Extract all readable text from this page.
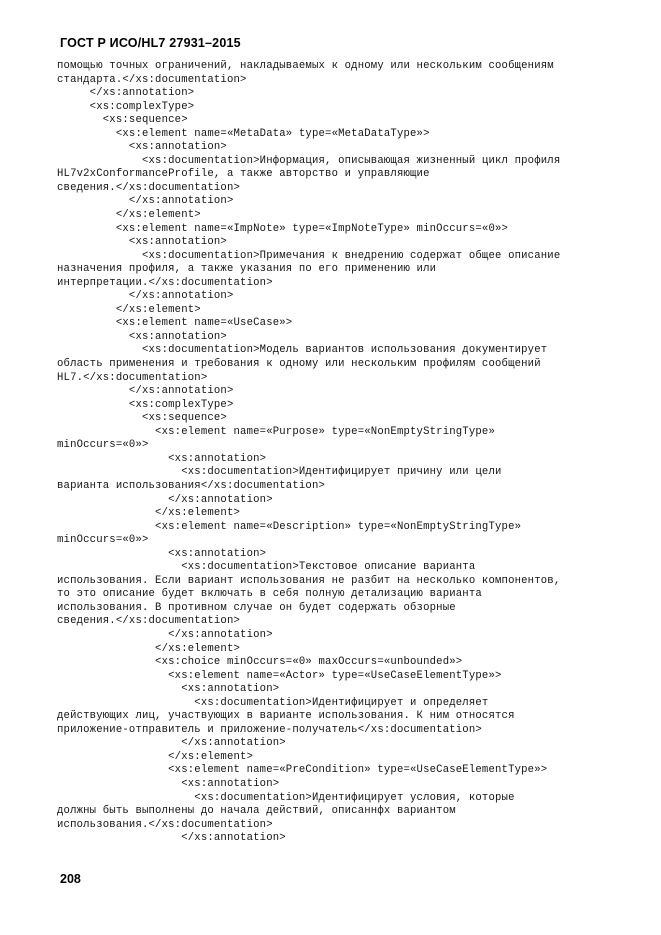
ГОСТ Р ИСО/HL7 27931–2015
помощью точных ограничений, накладываемых к одному или нескольким сообщениям
стандарта.</xs:documentation>
</xs:annotation>
<xs:complexType>
<xs:sequence>
<xs:element name=«MetaData» type=«MetaDataType»>
<xs:annotation>
<xs:documentation>Информация, описывающая жизненный цикл профиля
HL7v2xConformanceProfile, а также авторство и управляющие
сведения.</xs:documentation>
</xs:annotation>
</xs:element>
<xs:element name=«ImpNote» type=«ImpNoteType» minOccurs=«0»>
<xs:annotation>
<xs:documentation>Примечания к внедрению содержат общее описание
назначения профиля, а также указания по его применению или
интерпретации.</xs:documentation>
</xs:annotation>
</xs:element>
<xs:element name=«UseCase»>
<xs:annotation>
<xs:documentation>Модель вариантов использования документирует
область применения и требования к одному или нескольким профилям сообщений
HL7.</xs:documentation>
</xs:annotation>
<xs:complexType>
<xs:sequence>
<xs:element name=«Purpose» type=«NonEmptyStringType»
minOccurs=«0»>
<xs:annotation>
<xs:documentation>Идентифицирует причину или цели
варианта использования</xs:documentation>
</xs:annotation>
</xs:element>
<xs:element name=«Description» type=«NonEmptyStringType»
minOccurs=«0»>
<xs:annotation>
<xs:documentation>Текстовое описание варианта
использования. Если вариант использования не разбит на несколько компонентов,
то это описание будет включать в себя полную детализацию варианта
использования. В противном случае он будет содержать обзорные
сведения.</xs:documentation>
</xs:annotation>
</xs:element>
<xs:choice minOccurs=«0» maxOccurs=«unbounded»>
<xs:element name=«Actor» type=«UseCaseElementType»>
<xs:annotation>
<xs:documentation>Идентифицирует и определяет
действующих лиц, участвующих в варианте использования. К ним относятся
приложение-отправитель и приложение-получатель</xs:documentation>
</xs:annotation>
</xs:element>
<xs:element name=«PreCondition» type=«UseCaseElementType»>
<xs:annotation>
<xs:documentation>Идентифицирует условия, которые
должны быть выполнены до начала действий, описаннфх вариантом
использования.</xs:documentation>
</xs:annotation>
208
